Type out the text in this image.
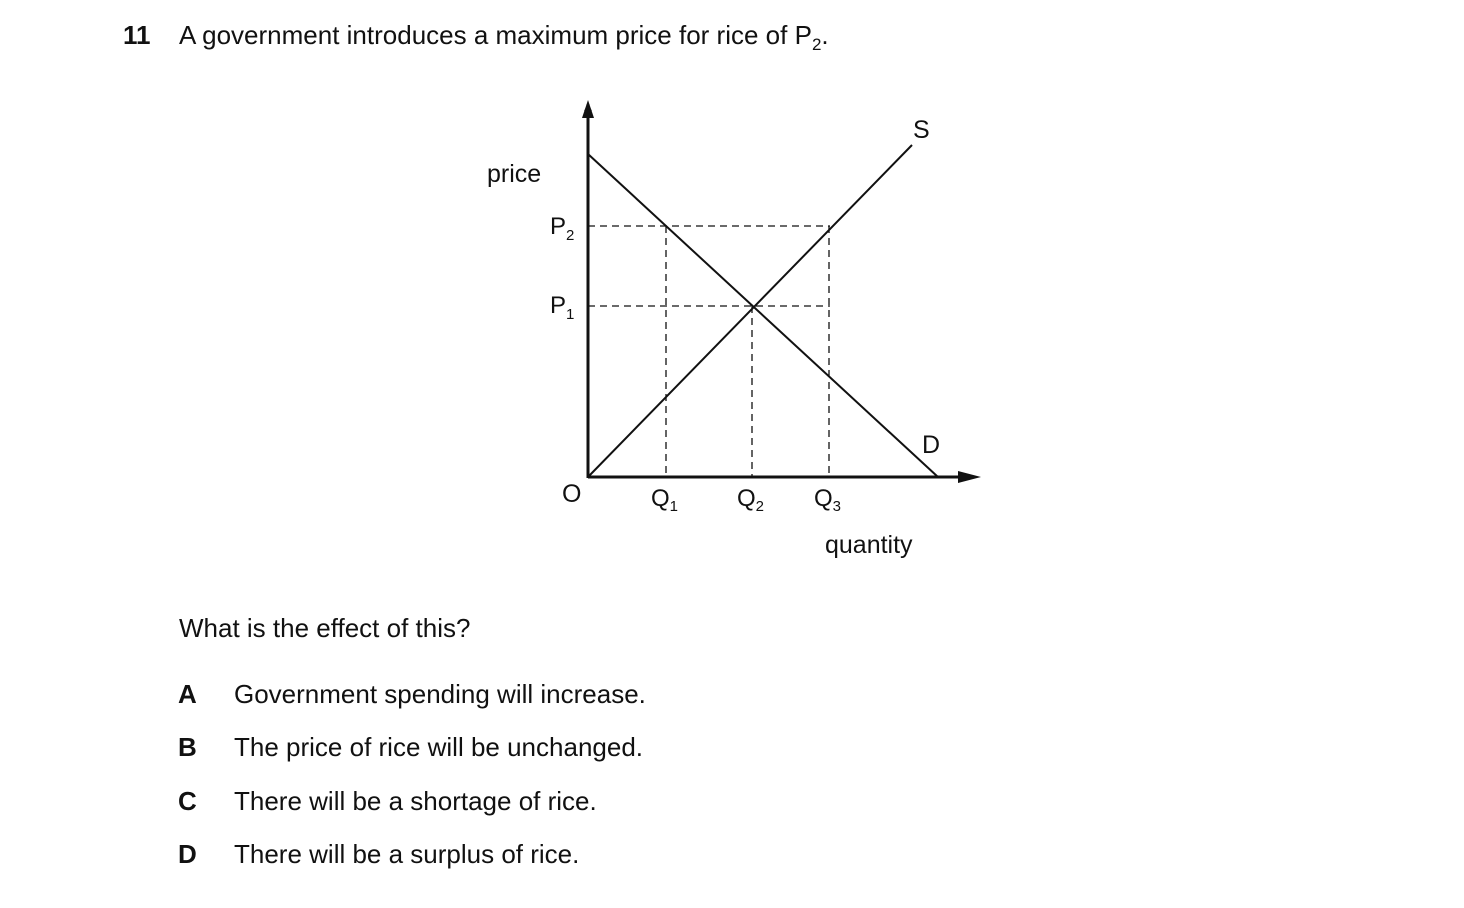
11 A government introduces a maximum price for rice of $P_2$.
price
quantity
O
S
D
$P_2$
$P_1$
$Q_1$ $Q_2$ $Q_3$
What is the effect of this?
A Government spending will increase.
B The price of rice will be unchanged.
C There will be a shortage of rice.
D There will be a surplus of rice.
